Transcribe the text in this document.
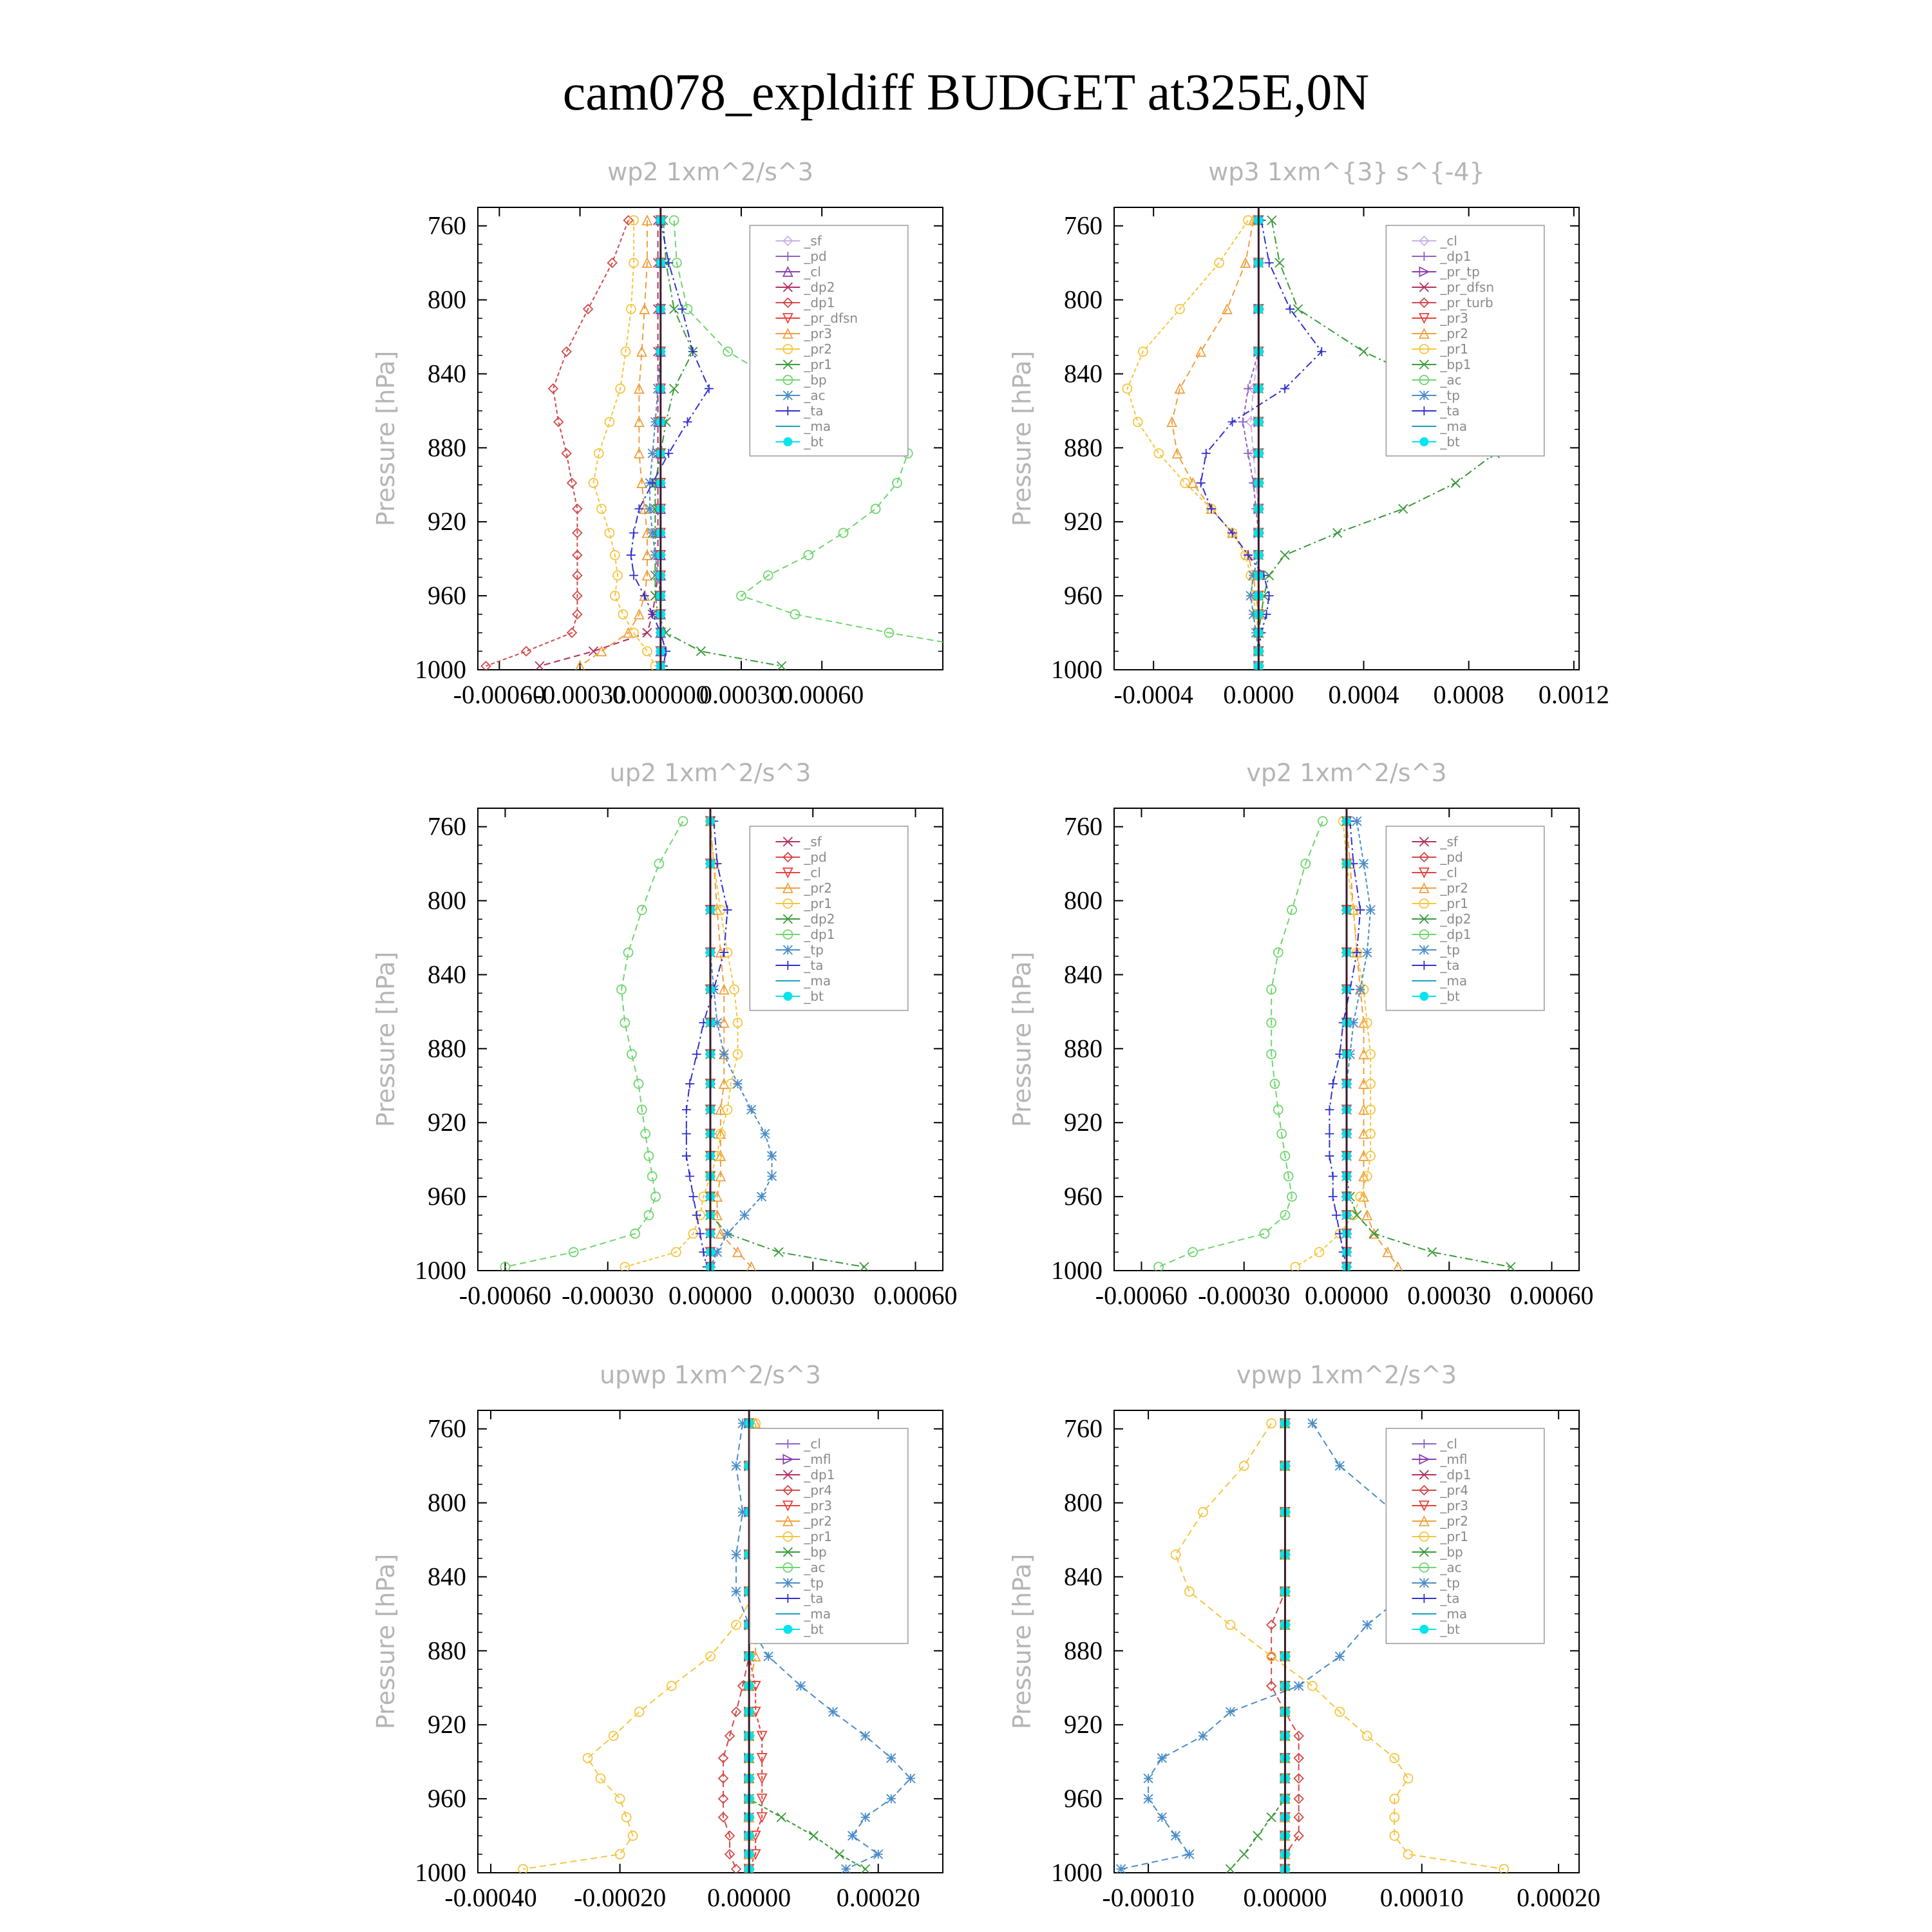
cam078_expldiff BUDGET at325E,0N
wp2 1xm^2/s^3
Pressure [hPa]
760
800
840
880
920
960
1000
-0.00060
-0.00030
0.000000
0.00030
0.00060
_sf
_pd
_cl
_dp2
_dp1
_pr_dfsn
_pr3
_pr2
_pr1
_bp
_ac
_ta
_ma
_bt
wp3 1xm^{3} s^{-4}
Pressure [hPa]
760
800
840
880
920
960
1000
-0.0004 0.0000 0.0004 0.0008 0.0012
_cl
_dp1
_pr_tp
_pr_dfsn
_pr_turb
_pr3
_pr2
_pr1
_bp1
_ac
_tp
_ta
_ma
_bt
up2 1xm^2/s^3
Pressure [hPa]
760
800
840
880
920
960
1000
-0.00060 -0.00030 0.00000 0.00030 0.00060
_sf
_pd
_cl
_pr2
_pr1
_dp2
_dp1
_tp
_ta
_ma
_bt
vp2 1xm^2/s^3
Pressure [hPa]
760
800
840
880
920
960
1000
-0.00060 -0.00030 0.00000 0.00030 0.00060
_sf
_pd
_cl
_pr2
_pr1
_dp2
_dp1
_tp
_ta
_ma
_bt
upwp 1xm^2/s^3
Pressure [hPa]
760
800
840
880
920
960
1000
-0.00040 -0.00020 0.00000 0.00020
_cl
_mfl
_dp1
_pr4
_pr3
_pr2
_pr1
_bp
_ac
_tp
_ta
_ma
_bt
vpwp 1xm^2/s^3
Pressure [hPa]
760
800
840
880
920
960
1000
-0.00010 0.00000 0.00010 0.00020
_cl
_mfl
_dp1
_pr4
_pr3
_pr2
_pr1
_bp
_ac
_tp
_ta
_ma
_bt
